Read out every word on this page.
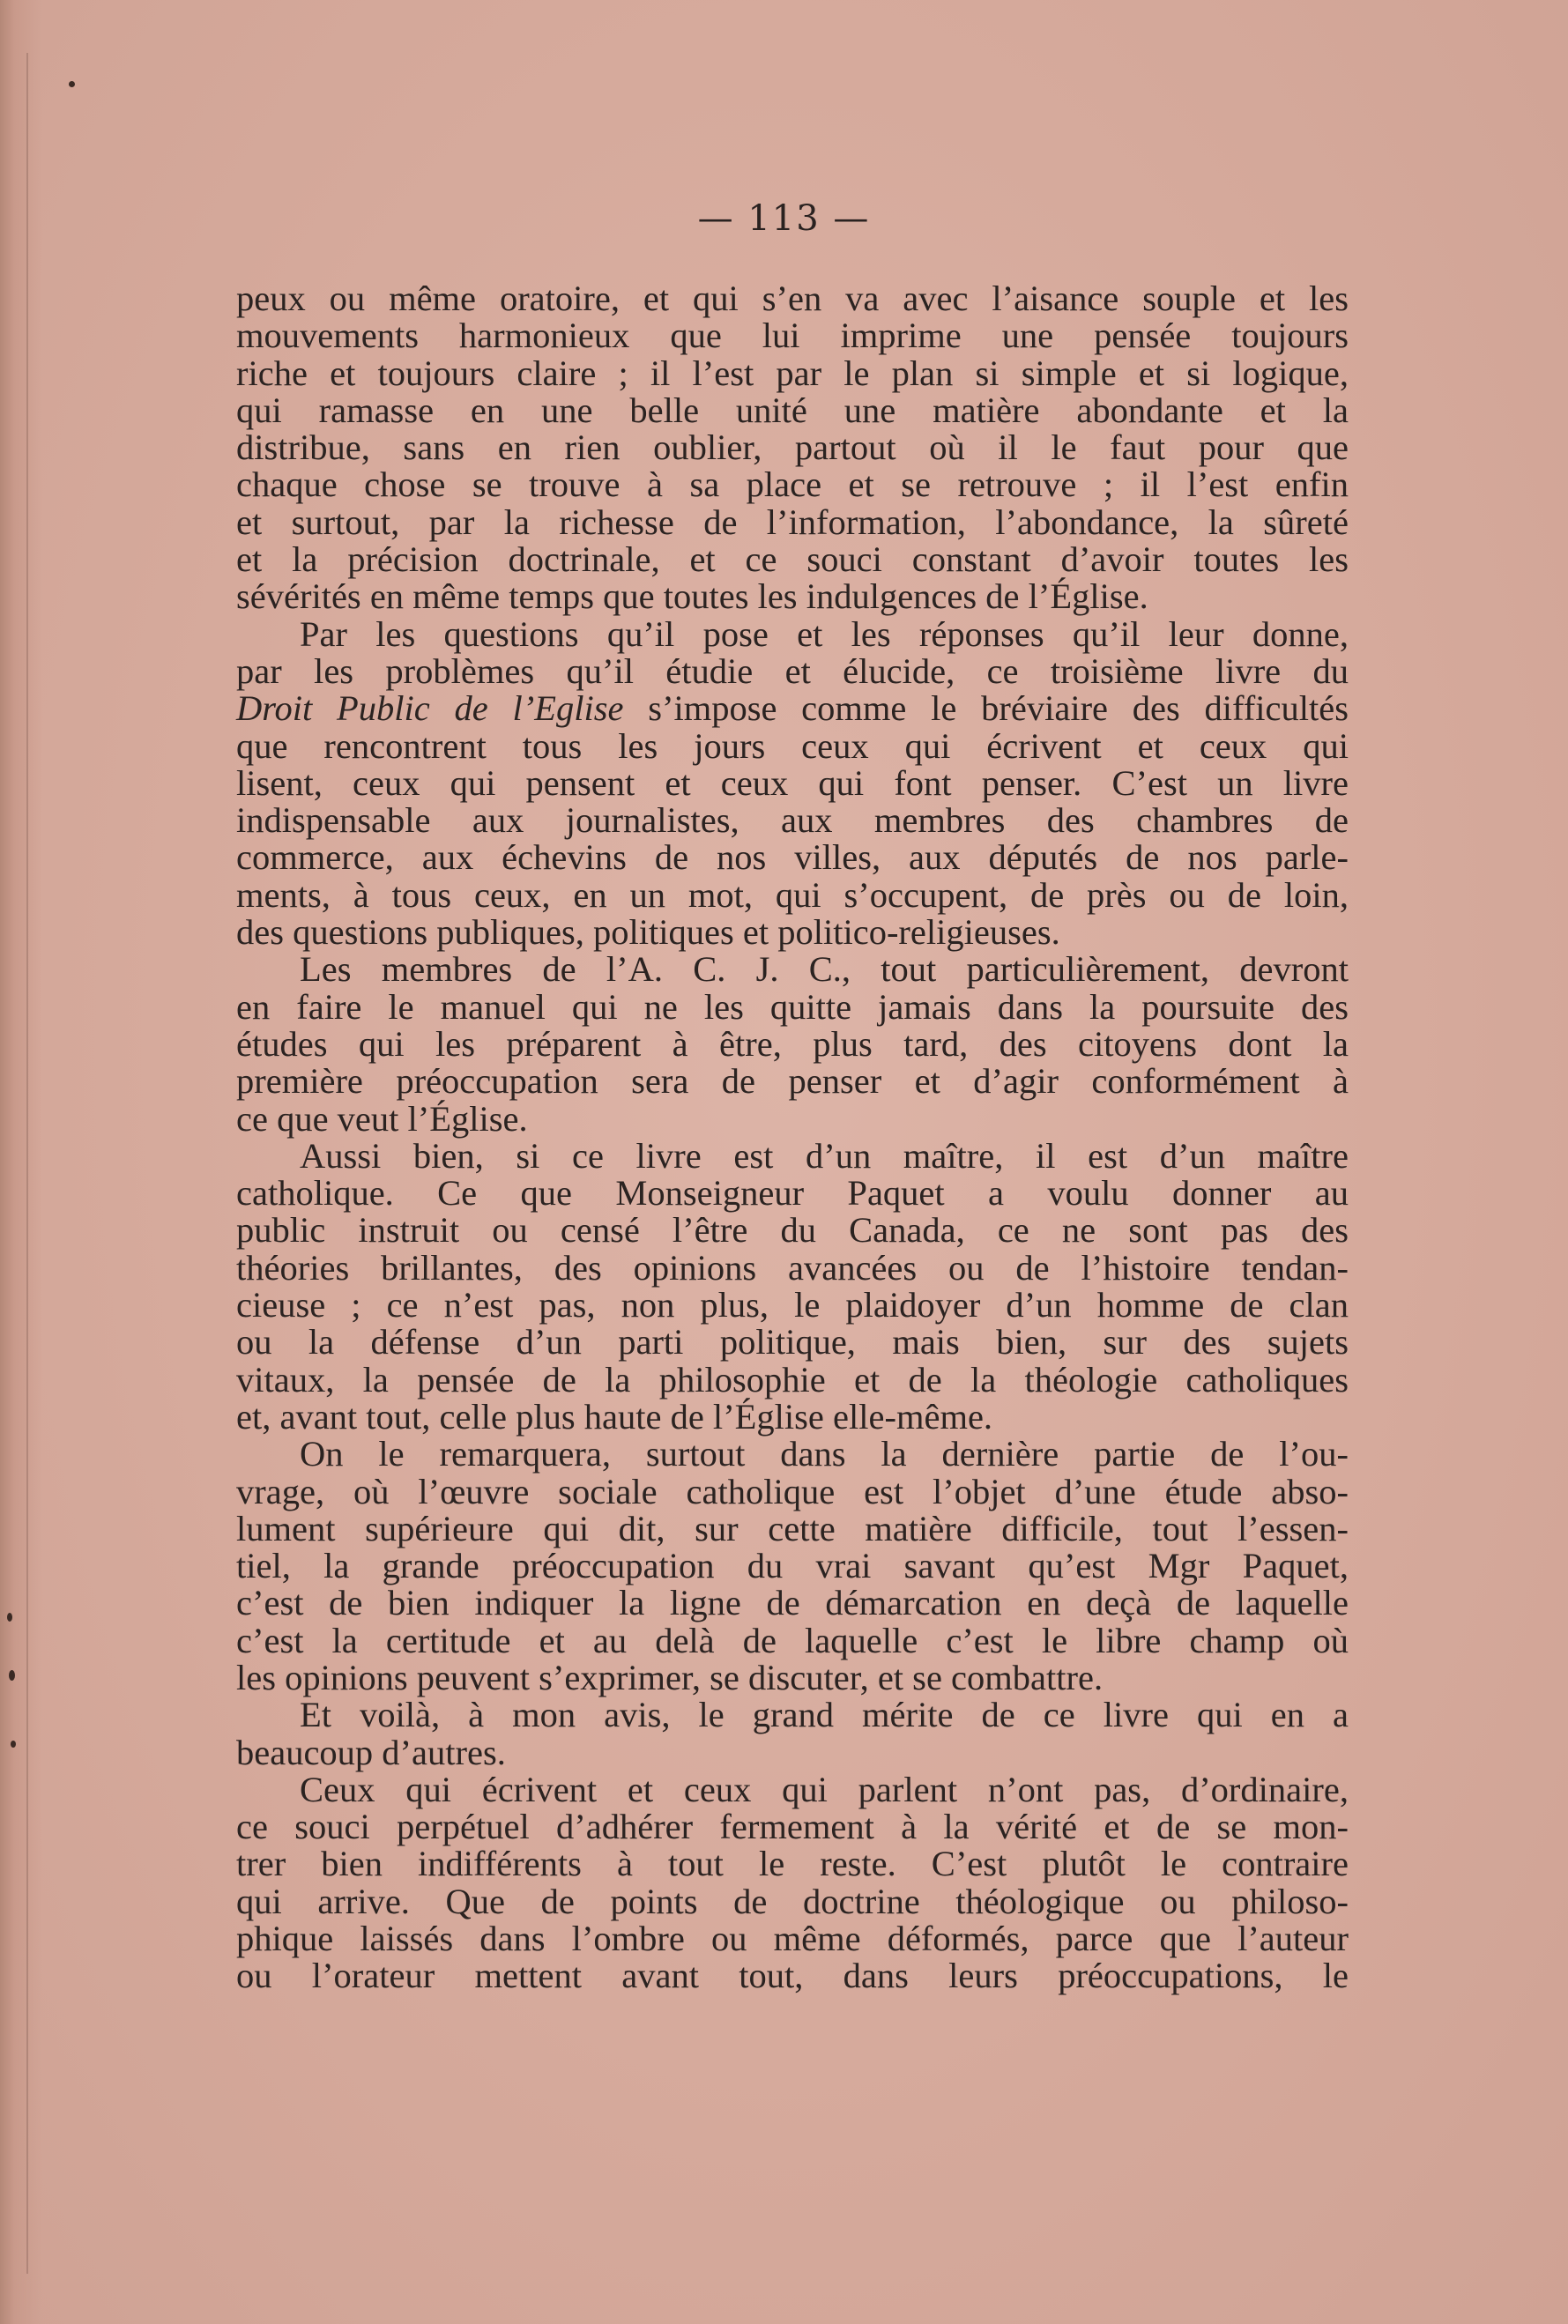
— 113 —
peux ou même oratoire, et qui s’en va avec l’aisance souple et les
mouvements harmonieux que lui imprime une pensée toujours
riche et toujours claire ; il l’est par le plan si simple et si logique,
qui ramasse en une belle unité une matière abondante et la
distribue, sans en rien oublier, partout où il le faut pour que
chaque chose se trouve à sa place et se retrouve ; il l’est enfin
et surtout, par la richesse de l’information, l’abondance, la sûreté
et la précision doctrinale, et ce souci constant d’avoir toutes les
sévérités en même temps que toutes les indulgences de l’Église.
Par les questions qu’il pose et les réponses qu’il leur donne,
par les problèmes qu’il étudie et élucide, ce troisième livre du
Droit Public de l’Eglise s’impose comme le bréviaire des difficultés
que rencontrent tous les jours ceux qui écrivent et ceux qui
lisent, ceux qui pensent et ceux qui font penser. C’est un livre
indispensable aux journalistes, aux membres des chambres de
commerce, aux échevins de nos villes, aux députés de nos parle-
ments, à tous ceux, en un mot, qui s’occupent, de près ou de loin,
des questions publiques, politiques et politico-religieuses.
Les membres de l’A. C. J. C., tout particulièrement, devront
en faire le manuel qui ne les quitte jamais dans la poursuite des
études qui les préparent à être, plus tard, des citoyens dont la
première préoccupation sera de penser et d’agir conformément à
ce que veut l’Église.
Aussi bien, si ce livre est d’un maître, il est d’un maître
catholique. Ce que Monseigneur Paquet a voulu donner au
public instruit ou censé l’être du Canada, ce ne sont pas des
théories brillantes, des opinions avancées ou de l’histoire tendan-
cieuse ; ce n’est pas, non plus, le plaidoyer d’un homme de clan
ou la défense d’un parti politique, mais bien, sur des sujets
vitaux, la pensée de la philosophie et de la théologie catholiques
et, avant tout, celle plus haute de l’Église elle-même.
On le remarquera, surtout dans la dernière partie de l’ou-
vrage, où l’œuvre sociale catholique est l’objet d’une étude abso-
lument supérieure qui dit, sur cette matière difficile, tout l’essen-
tiel, la grande préoccupation du vrai savant qu’est Mgr Paquet,
c’est de bien indiquer la ligne de démarcation en deçà de laquelle
c’est la certitude et au delà de laquelle c’est le libre champ où
les opinions peuvent s’exprimer, se discuter, et se combattre.
Et voilà, à mon avis, le grand mérite de ce livre qui en a
beaucoup d’autres.
Ceux qui écrivent et ceux qui parlent n’ont pas, d’ordinaire,
ce souci perpétuel d’adhérer fermement à la vérité et de se mon-
trer bien indifférents à tout le reste. C’est plutôt le contraire
qui arrive. Que de points de doctrine théologique ou philoso-
phique laissés dans l’ombre ou même déformés, parce que l’auteur
ou l’orateur mettent avant tout, dans leurs préoccupations, le
